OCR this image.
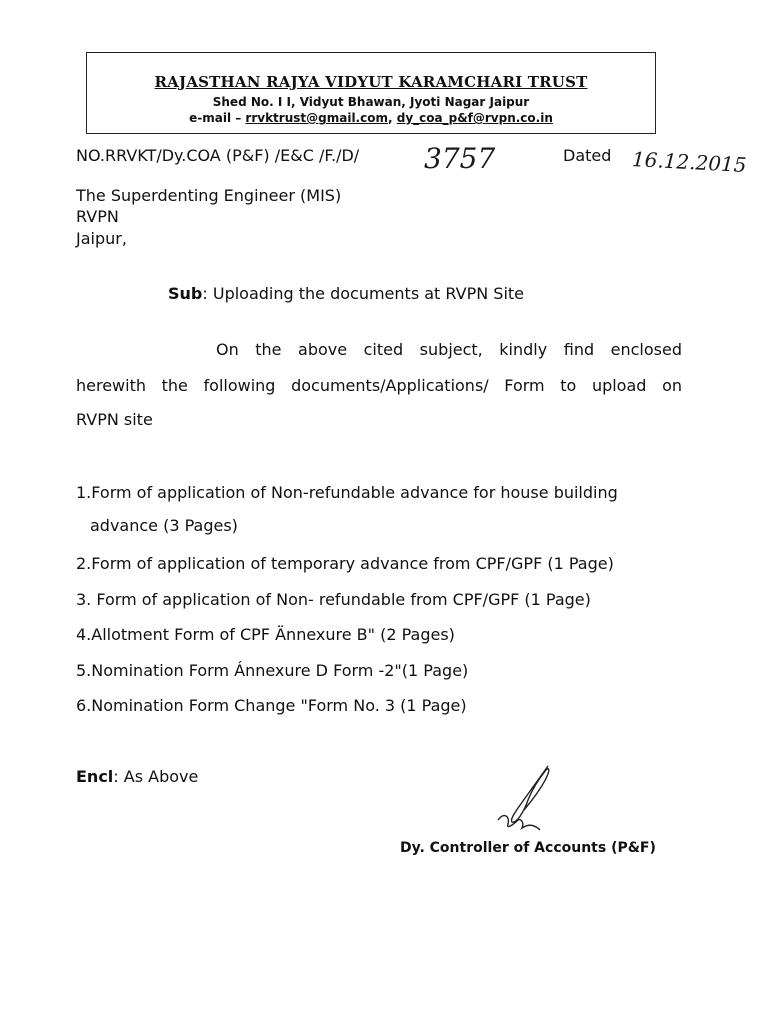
RAJASTHAN RAJYA VIDYUT KARAMCHARI TRUST
Shed No. I I, Vidyut Bhawan, Jyoti Nagar Jaipur
e-mail – rrvktrust@gmail.com, dy_coa_p&f@rvpn.co.in
NO.RRVKT/Dy.COA (P&F) /E&C /F./D/ 3757	Dated 16.12.2015
The Superdenting Engineer (MIS)
RVPN
Jaipur,
Sub: Uploading the documents at RVPN Site
On the above cited subject, kindly find enclosed
herewith the following documents/Applications/ Form to upload on
RVPN site
1.Form of application of Non-refundable advance for house building
advance (3 Pages)
2.Form of application of temporary advance from CPF/GPF (1 Page)
3. Form of application of Non- refundable from CPF/GPF (1 Page)
4.Allotment Form of CPF Ännexure B" (2 Pages)
5.Nomination Form Ánnexure D Form -2"(1 Page)
6.Nomination Form Change "Form No. 3 (1 Page)
Encl: As Above
Dy. Controller of Accounts (P&F)
